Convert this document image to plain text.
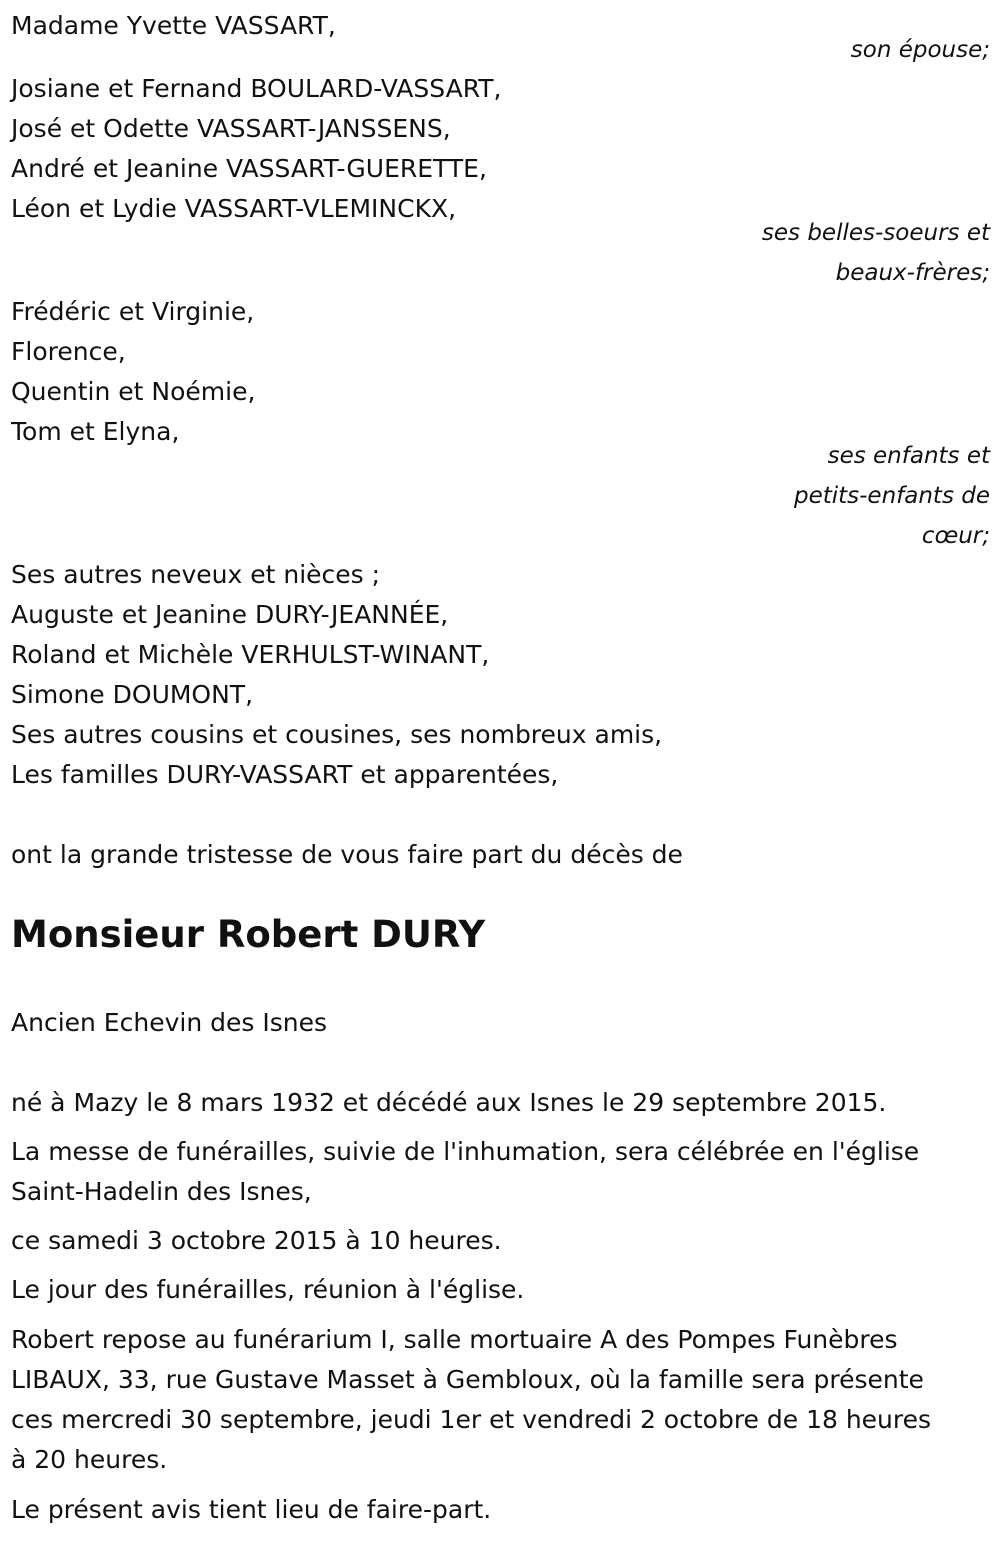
Madame Yvette VASSART,
son épouse;
Josiane et Fernand BOULARD-VASSART,
José et Odette VASSART-JANSSENS,
André et Jeanine VASSART-GUERETTE,
Léon et Lydie VASSART-VLEMINCKX,
ses belles-soeurs et
beaux-frères;
Frédéric et Virginie,
Florence,
Quentin et Noémie,
Tom et Elyna,
ses enfants et
petits-enfants de
cœur;
Ses autres neveux et nièces ;
Auguste et Jeanine DURY-JEANNÉE,
Roland et Michèle VERHULST-WINANT,
Simone DOUMONT,
Ses autres cousins et cousines, ses nombreux amis,
Les familles DURY-VASSART et apparentées,
ont la grande tristesse de vous faire part du décès de
Monsieur Robert DURY
Ancien Echevin des Isnes
né à Mazy le 8 mars 1932 et décédé aux Isnes le 29 septembre 2015.
La messe de funérailles, suivie de l'inhumation, sera célébrée en l'église
Saint-Hadelin des Isnes,
ce samedi 3 octobre 2015 à 10 heures.
Le jour des funérailles, réunion à l'église.
Robert repose au funérarium I, salle mortuaire A des Pompes Funèbres
LIBAUX, 33, rue Gustave Masset à Gembloux, où la famille sera présente
ces mercredi 30 septembre, jeudi 1er et vendredi 2 octobre de 18 heures
à 20 heures.
Le présent avis tient lieu de faire-part.
